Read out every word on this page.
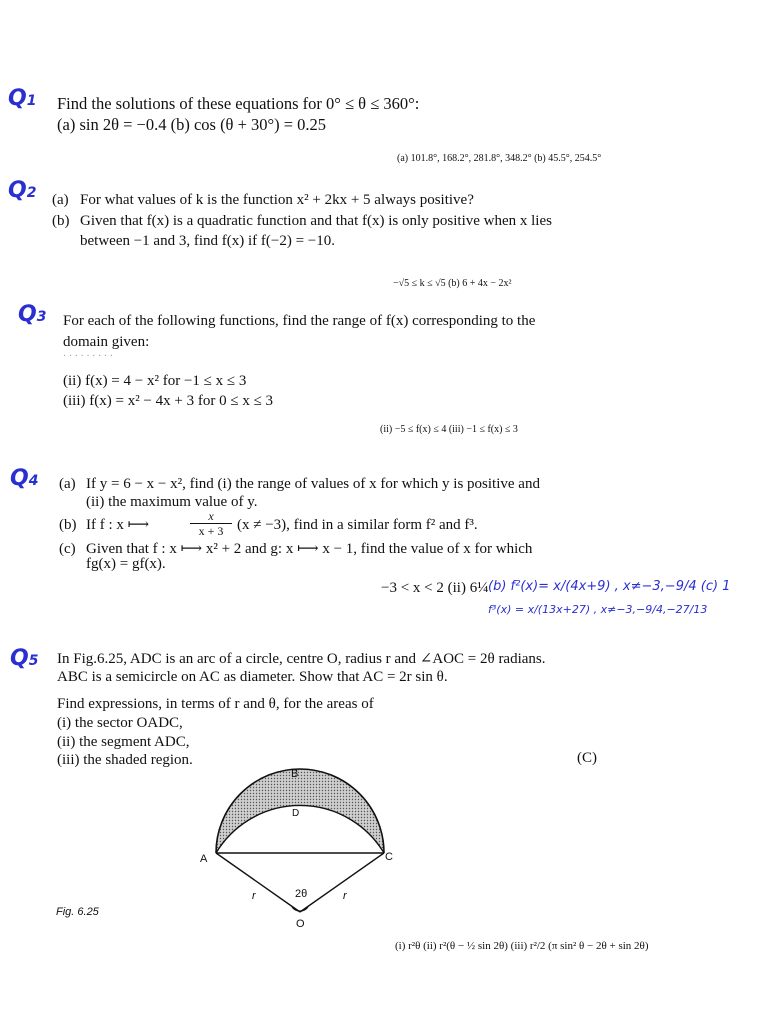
Q1 Find the solutions of these equations for 0° ≤ θ ≤ 360°:
(a) sin 2θ = −0.4 (b) cos (θ + 30°) = 0.25
(a) 101.8°, 168.2°, 281.8°, 348.2° (b) 45.5°, 254.5°
Q2 (a) For what values of k is the function x² + 2kx + 5 always positive?
(b) Given that f(x) is a quadratic function and that f(x) is only positive when x lies
between −1 and 3, find f(x) if f(−2) = −10.
−√5 ≤ k ≤ √5 (b) 6 + 4x − 2x²
Q3 For each of the following functions, find the range of f(x) corresponding to the
domain given:
· · · · · · · · ·
(ii) f(x) = 4 − x² for −1 ≤ x ≤ 3
(iii) f(x) = x² − 4x + 3 for 0 ≤ x ≤ 3
(ii) −5 ≤ f(x) ≤ 4 (iii) −1 ≤ f(x) ≤ 3
Q4 (a) If y = 6 − x − x², find (i) the range of values of x for which y is positive and
(ii) the maximum value of y.
(b) If f : x ⟼	$\frac{x}{x + 3} (x \ne -3)$, find in a similar form f² and f³.
(c) Given that f : x ⟼ x² + 2 and g: x ⟼ x − 1, find the value of x for which
fg(x) = gf(x).
−3 < x < 2 (ii) 6¼ (b) f²(x)= x/(4x+9) , x≠−3,−9/4 (c) 1
f³(x) = x/(13x+27) , x≠−3,−9/4,−27/13
Q5 In Fig.6.25, ADC is an arc of a circle, centre O, radius r and ∠AOC = 2θ radians.
ABC is a semicircle on AC as diameter. Show that AC = 2r sin θ.
Find expressions, in terms of r and θ, for the areas of
(i) the sector OADC,
(ii) the segment ADC,
(iii) the shaded region.	(C)
B
D
A	C
r	r
2θ
O
Fig. 6.25
(i) r²θ (ii) r²(θ − ½ sin 2θ) (iii) r²/2 (π sin² θ − 2θ + sin 2θ)
